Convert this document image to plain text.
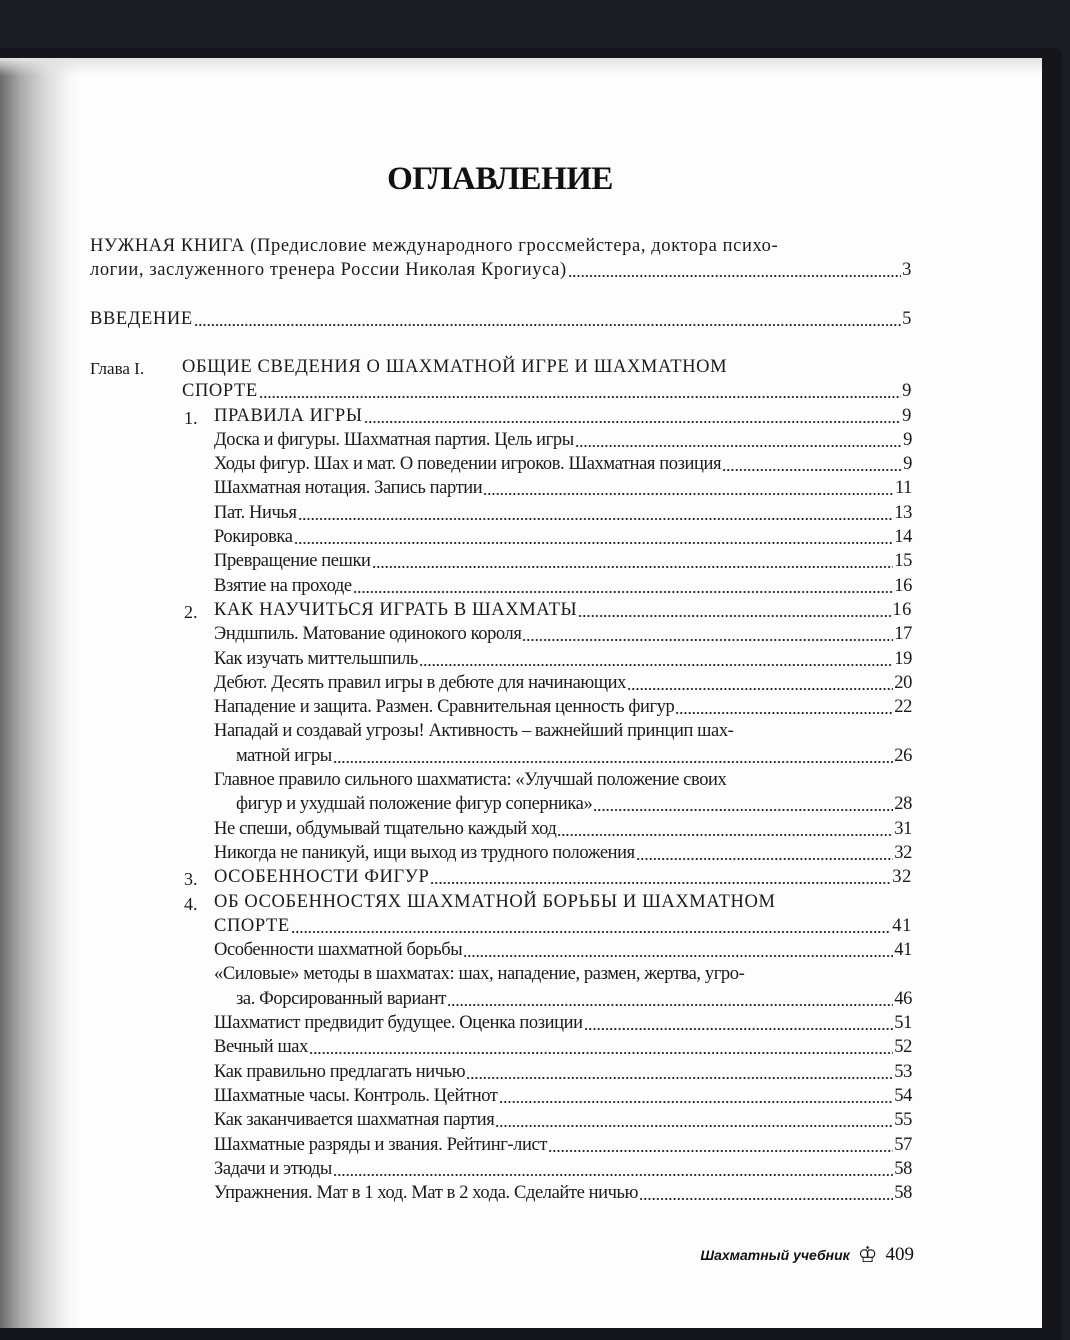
ОГЛАВЛЕНИЕ
НУЖНАЯ КНИГА (Предисловие международного гроссмейстера, доктора психо-
логии, заслуженного тренера России Николая Крогиуса)	3
ВВЕДЕНИЕ	5
Глава I. ОБЩИЕ СВЕДЕНИЯ О ШАХМАТНОЙ ИГРЕ И ШАХМАТНОМ
СПОРТЕ	9
1. ПРАВИЛА ИГРЫ	9
Доска и фигуры. Шахматная партия. Цель игры	9
Ходы фигур. Шах и мат. О поведении игроков. Шахматная позиция	9
Шахматная нотация. Запись партии	11
Пат. Ничья	13
Рокировка	14
Превращение пешки	15
Взятие на проходе	16
2. КАК НАУЧИТЬСЯ ИГРАТЬ В ШАХМАТЫ	16
Эндшпиль. Матование одинокого короля	17
Как изучать миттельшпиль	19
Дебют. Десять правил игры в дебюте для начинающих	20
Нападение и защита. Размен. Сравнительная ценность фигур	22
Нападай и создавай угрозы! Активность – важнейший принцип шах-
матной игры	26
Главное правило сильного шахматиста: «Улучшай положение своих
фигур и ухудшай положение фигур соперника»	28
Не спеши, обдумывай тщательно каждый ход	31
Никогда не паникуй, ищи выход из трудного положения	32
3. ОСОБЕННОСТИ ФИГУР	32
4. ОБ ОСОБЕННОСТЯХ ШАХМАТНОЙ БОРЬБЫ И ШАХМАТНОМ
СПОРТЕ	41
Особенности шахматной борьбы	41
«Силовые» методы в шахматах: шах, нападение, размен, жертва, угро-
за. Форсированный вариант	46
Шахматист предвидит будущее. Оценка позиции	51
Вечный шах	52
Как правильно предлагать ничью	53
Шахматные часы. Контроль. Цейтнот	54
Как заканчивается шахматная партия	55
Шахматные разряды и звания. Рейтинг-лист	57
Задачи и этюды	58
Упражнения. Мат в 1 ход. Мат в 2 хода. Сделайте ничью	58
Шахматный учебник ♔ 409
